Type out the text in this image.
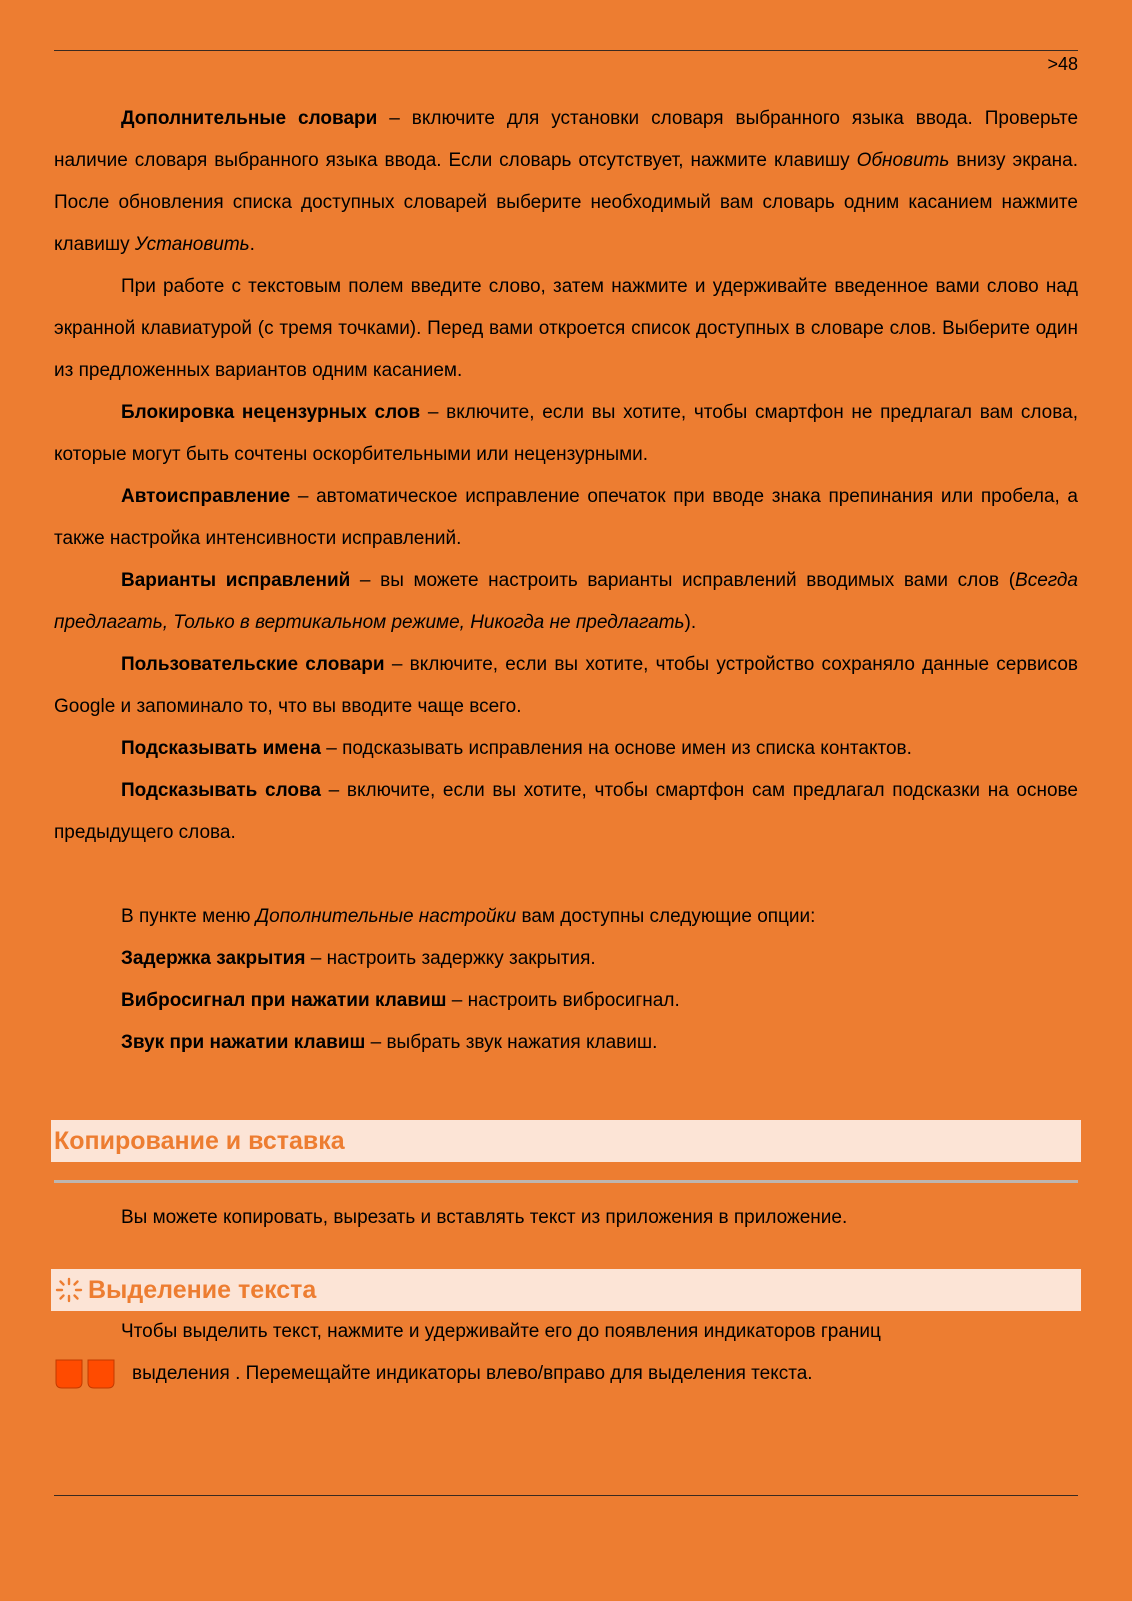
>48

Дополнительные словари – включите для установки словаря выбранного языка ввода. Проверьте наличие словаря выбранного языка ввода. Если словарь отсутствует, нажмите клавишу Обновить внизу экрана. После обновления списка доступных словарей выберите необходимый вам словарь одним касанием нажмите клавишу Установить.

При работе с текстовым полем введите слово, затем нажмите и удерживайте введенное вами слово над экранной клавиатурой (с тремя точками). Перед вами откроется список доступных в словаре слов. Выберите один из предложенных вариантов одним касанием.

Блокировка нецензурных слов – включите, если вы хотите, чтобы смартфон не предлагал вам слова, которые могут быть сочтены оскорбительными или нецензурными.

Автоисправление – автоматическое исправление опечаток при вводе знака препинания или пробела, а также настройка интенсивности исправлений.

Варианты исправлений – вы можете настроить варианты исправлений вводимых вами слов (Всегда предлагать, Только в вертикальном режиме, Никогда не предлагать).

Пользовательские словари – включите, если вы хотите, чтобы устройство сохраняло данные сервисов Google и запоминало то, что вы вводите чаще всего.

Подсказывать имена – подсказывать исправления на основе имен из списка контактов.

Подсказывать слова – включите, если вы хотите, чтобы смартфон сам предлагал подсказки на основе предыдущего слова.

В пункте меню Дополнительные настройки вам доступны следующие опции:

Задержка закрытия – настроить задержку закрытия.

Вибросигнал при нажатии клавиш – настроить вибросигнал.

Звук при нажатии клавиш – выбрать звук нажатия клавиш.

Копирование и вставка

Вы можете копировать, вырезать и вставлять текст из приложения в приложение.

Выделение текста

Чтобы выделить текст, нажмите и удерживайте его до появления индикаторов границ

выделения . Перемещайте индикаторы влево/вправо для выделения текста.
